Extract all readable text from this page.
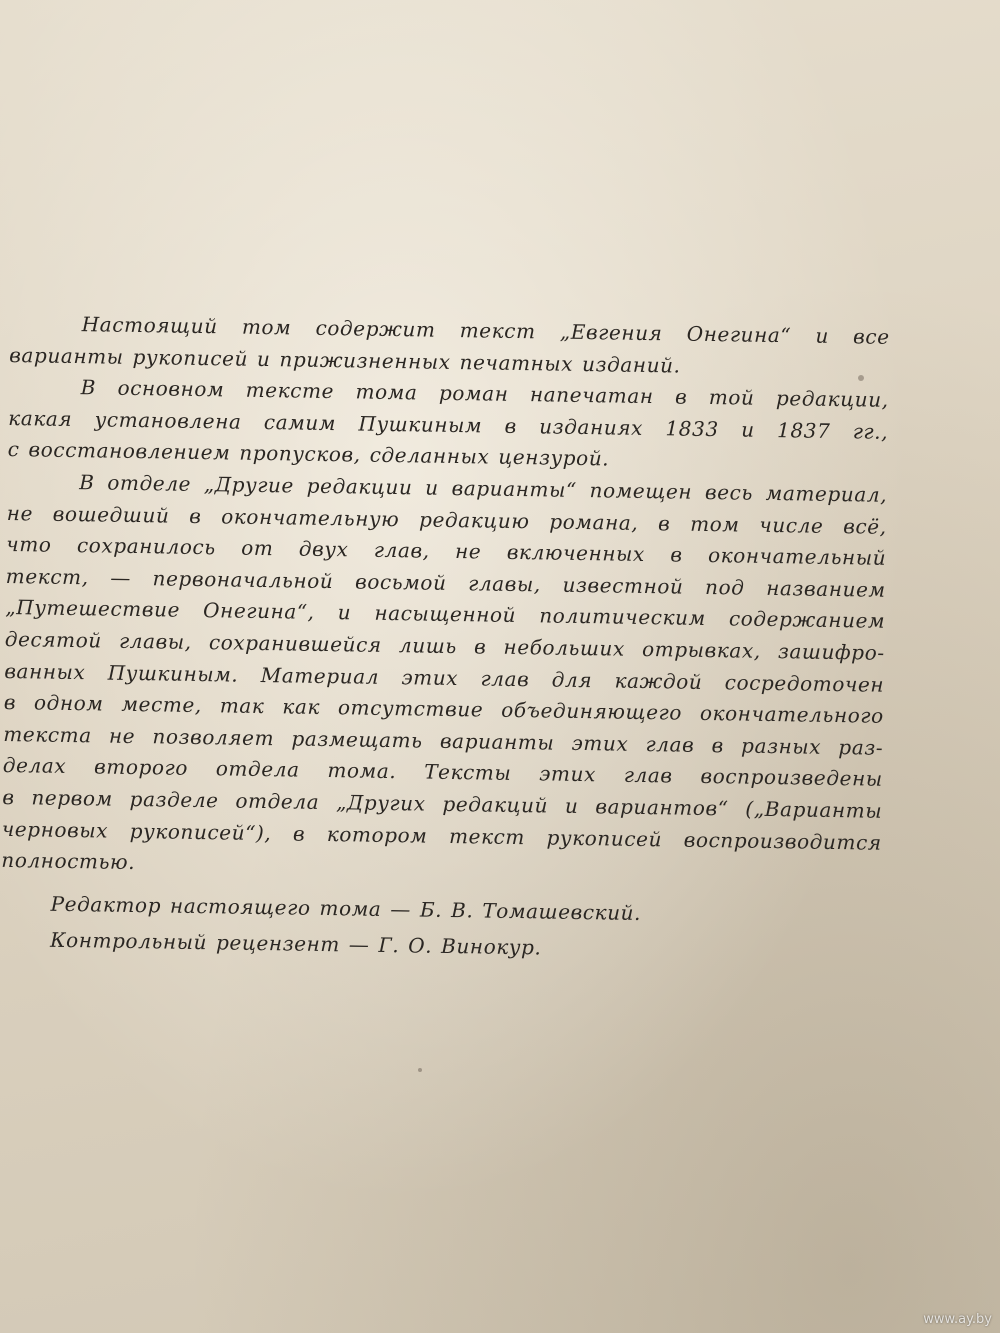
Настоящий том содержит текст „Евгения Онегина“ и все
варианты рукописей и прижизненных печатных изданий.
В основном тексте тома роман напечатан в той редакции,
какая установлена самим Пушкиным в изданиях 1833 и 1837 гг.,
с восстановлением пропусков, сделанных цензурой.
В отделе „Другие редакции и варианты“ помещен весь материал,
не вошедший в окончательную редакцию романа, в том числе всё,
что сохранилось от двух глав, не включенных в окончательный
текст, — первоначальной восьмой главы, известной под названием
„Путешествие Онегина“, и насыщенной политическим содержанием
десятой главы, сохранившейся лишь в небольших отрывках, зашифро-
ванных Пушкиным. Материал этих глав для каждой сосредоточен
в одном месте, так как отсутствие объединяющего окончательного
текста не позволяет размещать варианты этих глав в разных раз-
делах второго отдела тома. Тексты этих глав воспроизведены
в первом разделе отдела „Других редакций и вариантов“ („Варианты
черновых рукописей“), в котором текст рукописей воспроизводится
полностью.
Редактор настоящего тома — Б. В. Томашевский.
Контрольный рецензент — Г. О. Винокур.
www.ay.by
